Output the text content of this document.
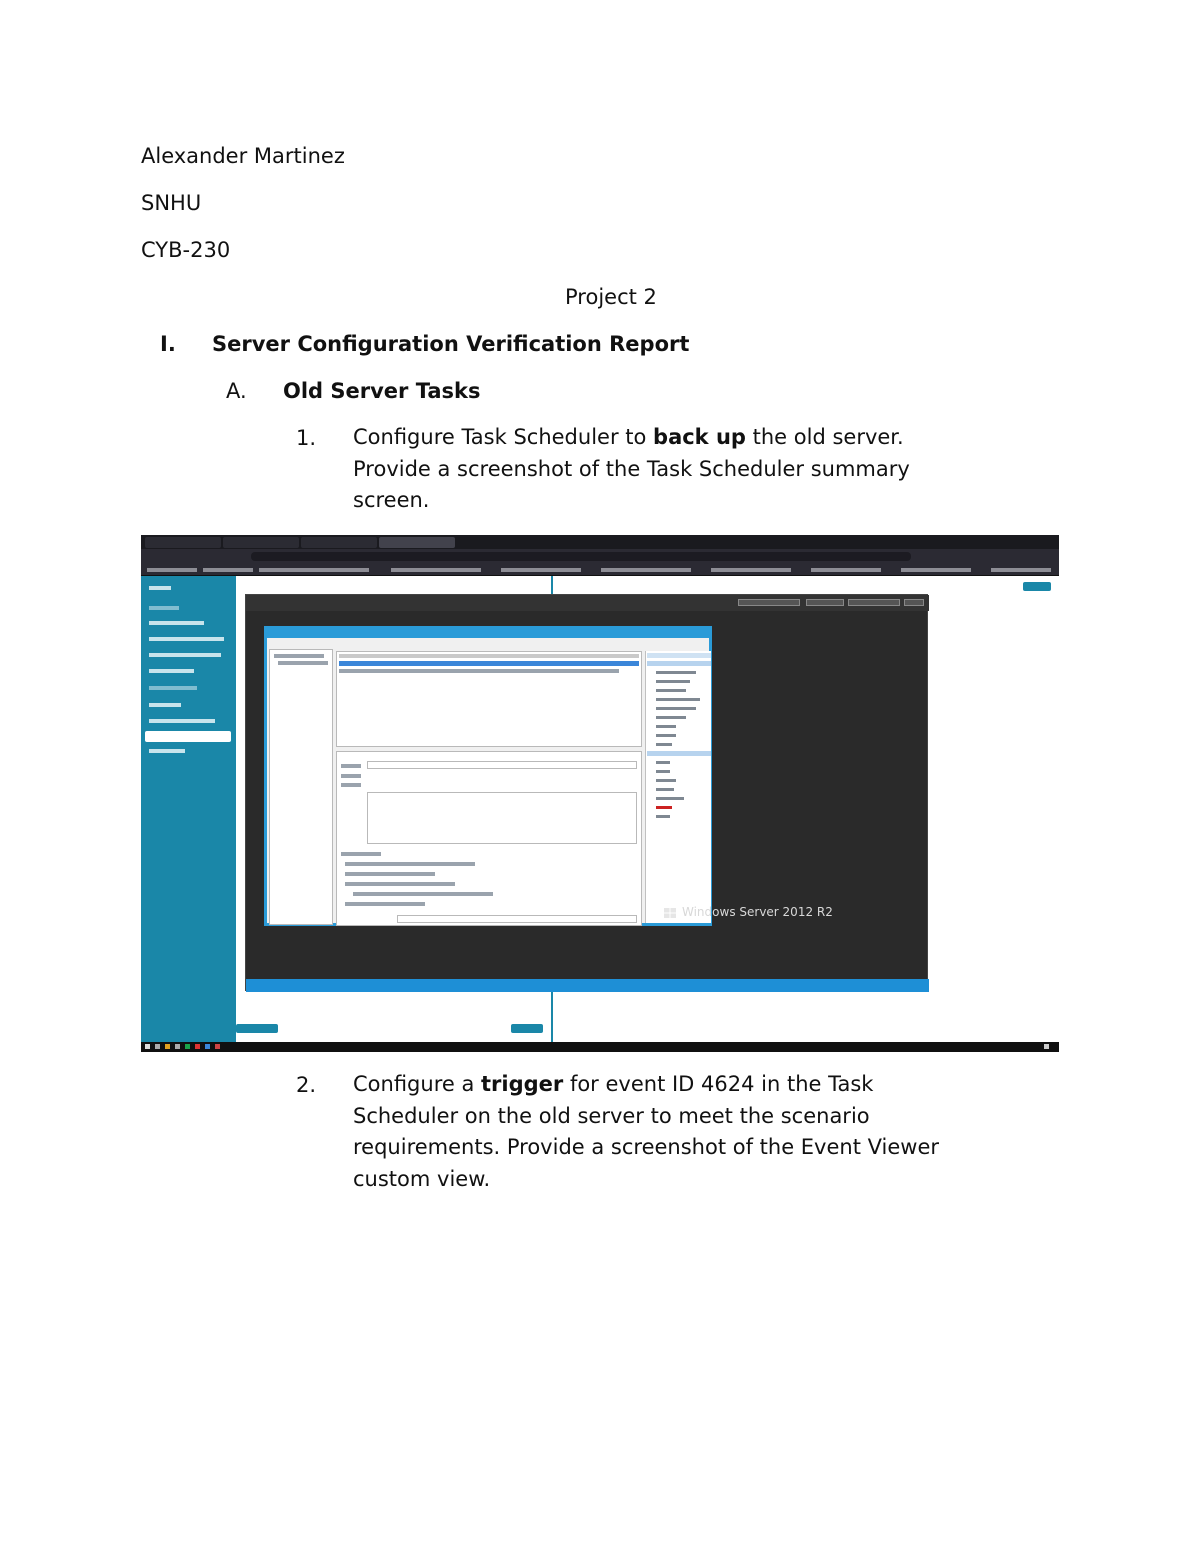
Alexander Martinez
SNHU
CYB-230
Project 2
I. Server Configuration Verification Report
A. Old Server Tasks
1. Configure Task Scheduler to back up the old server.
Provide a screenshot of the Task Scheduler summary
screen.
Windows Server 2012 R2
2. Configure a trigger for event ID 4624 in the Task
Scheduler on the old server to meet the scenario
requirements. Provide a screenshot of the Event Viewer
custom view.
